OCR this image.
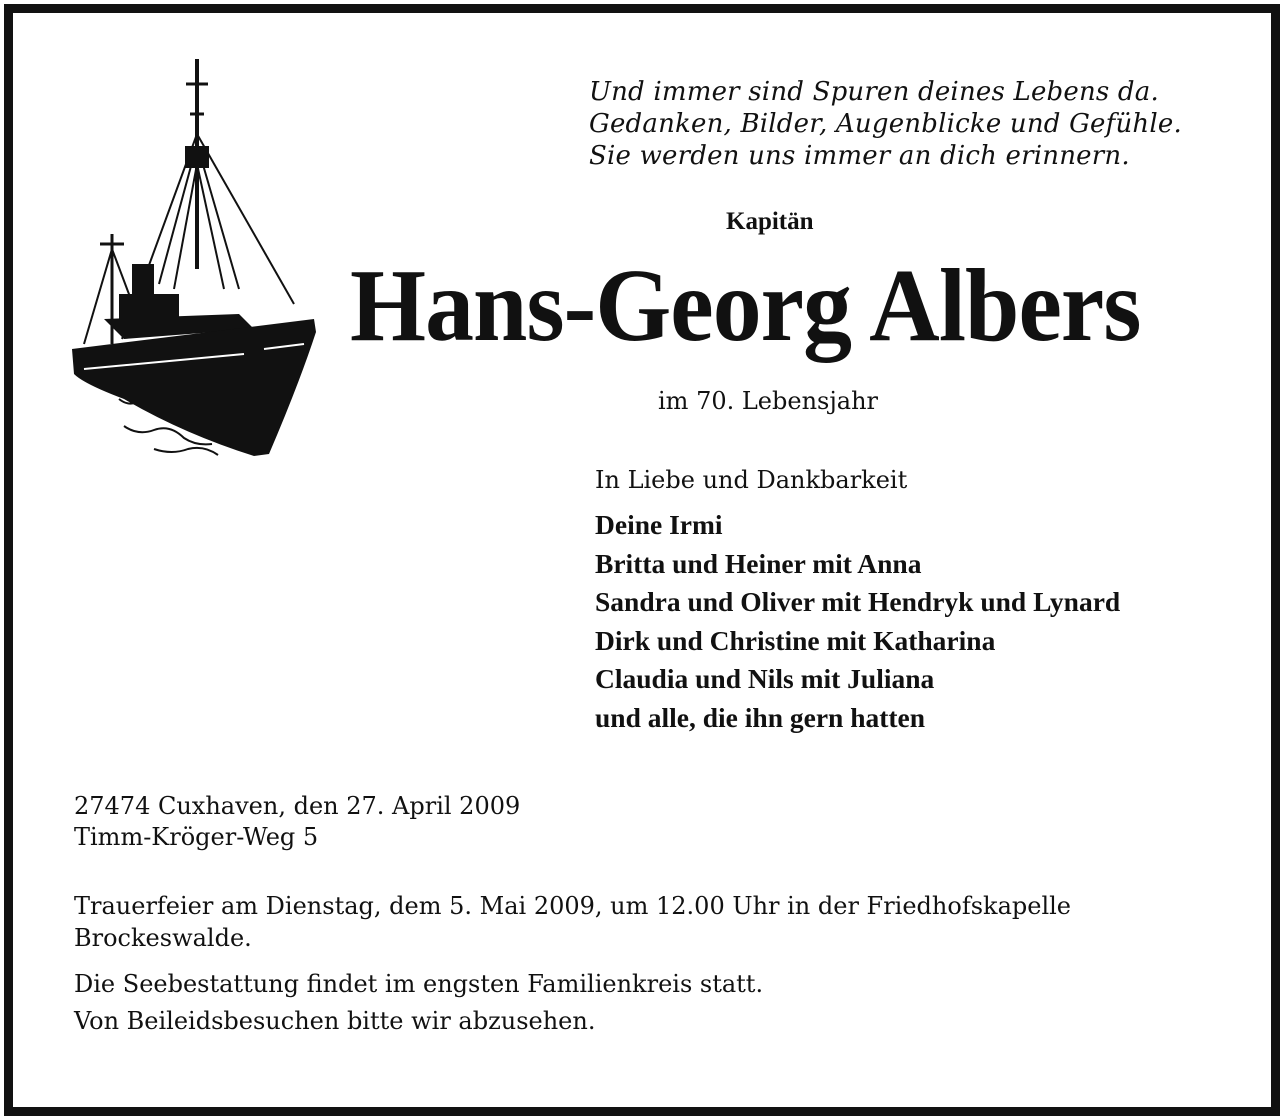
Und immer sind Spuren deines Lebens da.
Gedanken, Bilder, Augenblicke und Gefühle.
Sie werden uns immer an dich erinnern.
Kapitän
Hans-Georg Albers
im 70. Lebensjahr
In Liebe und Dankbarkeit
Deine Irmi
Britta und Heiner mit Anna
Sandra und Oliver mit Hendryk und Lynard
Dirk und Christine mit Katharina
Claudia und Nils mit Juliana
und alle, die ihn gern hatten
27474 Cuxhaven, den 27. April 2009
Timm-Kröger-Weg 5
Trauerfeier am Dienstag, dem 5. Mai 2009, um 12.00 Uhr in der Friedhofskapelle
Brockeswalde.
Die Seebestattung findet im engsten Familienkreis statt.
Von Beileidsbesuchen bitte wir abzusehen.
